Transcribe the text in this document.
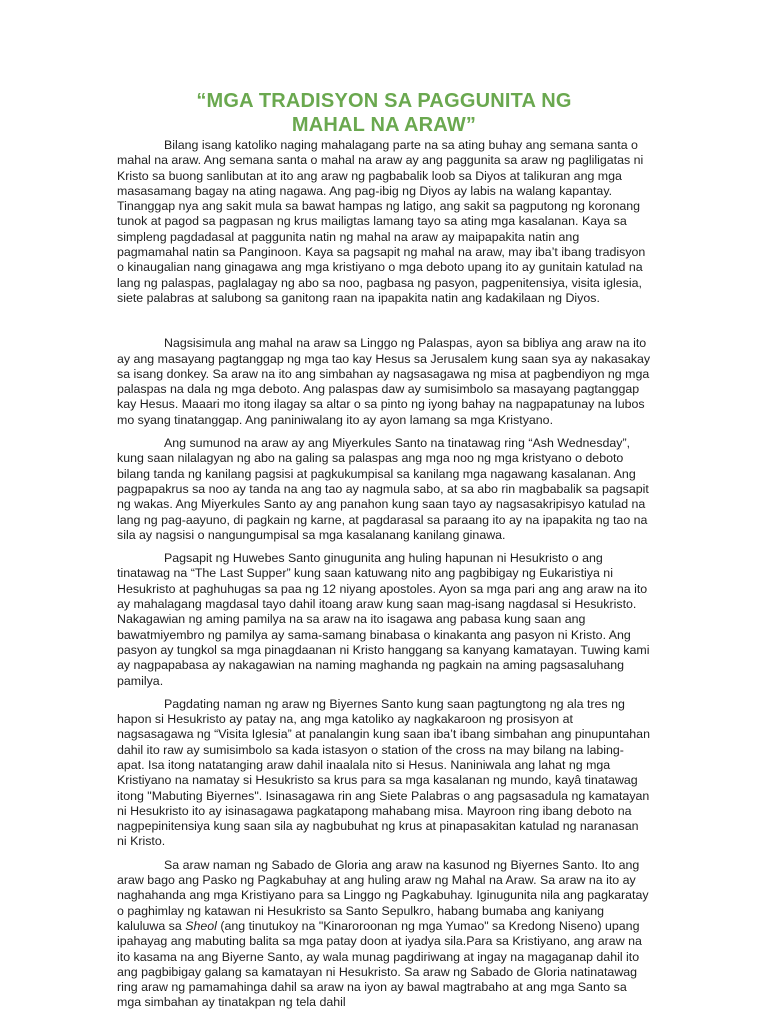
“MGA TRADISYON SA PAGGUNITA NG
MAHAL NA ARAW”

Bilang isang katoliko naging mahalagang parte na sa ating buhay ang semana santa o mahal na araw. Ang semana santa o mahal na araw ay ang paggunita sa araw ng pagliligatas ni Kristo sa buong sanlibutan at ito ang araw ng pagbabalik loob sa Diyos at talikuran ang mga masasamang bagay na ating nagawa. Ang pag-ibig ng Diyos ay labis na walang kapantay. Tinanggap nya ang sakit mula sa bawat hampas ng latigo, ang sakit sa pagputong ng koronang tunok at pagod sa pagpasan ng krus mailigtas lamang tayo sa ating mga kasalanan. Kaya sa simpleng pagdadasal at paggunita natin ng mahal na araw ay maipapakita natin ang pagmamahal natin sa Panginoon. Kaya sa pagsapit ng mahal na araw, may iba’t ibang tradisyon o kinaugalian nang ginagawa ang mga kristiyano o mga deboto upang ito ay gunitain katulad na lang ng palaspas, paglalagay ng abo sa noo, pagbasa ng pasyon, pagpenitensiya, visita iglesia, siete palabras at salubong sa ganitong raan na ipapakita natin ang kadakilaan ng Diyos.

Nagsisimula ang mahal na araw sa Linggo ng Palaspas, ayon sa bibliya ang araw na ito ay ang masayang pagtanggap ng mga tao kay Hesus sa Jerusalem kung saan sya ay nakasakay sa isang donkey. Sa araw na ito ang simbahan ay nagsasagawa ng misa at pagbendiyon ng mga palaspas na dala ng mga deboto. Ang palaspas daw ay sumisimbolo sa masayang pagtanggap kay Hesus. Maaari mo itong ilagay sa altar o sa pinto ng iyong bahay na nagpapatunay na lubos mo syang tinatanggap. Ang paniniwalang ito ay ayon lamang sa mga Kristyano.

Ang sumunod na araw ay ang Miyerkules Santo na tinatawag ring “Ash Wednesday”, kung saan nilalagyan ng abo na galing sa palaspas ang mga noo ng mga kristyano o deboto bilang tanda ng kanilang pagsisi at pagkukumpisal sa kanilang mga nagawang kasalanan. Ang pagpapakrus sa noo ay tanda na ang tao ay nagmula sabo, at sa abo rin magbabalik sa pagsapit ng wakas. Ang Miyerkules Santo ay ang panahon kung saan tayo ay nagsasakripisyo katulad na lang ng pag-aayuno, di pagkain ng karne, at pagdarasal sa paraang ito ay na ipapakita ng tao na sila ay nagsisi o nangungumpisal sa mga kasalanang kanilang ginawa.

Pagsapit ng Huwebes Santo ginugunita ang huling hapunan ni Hesukristo o ang tinatawag na “The Last Supper” kung saan katuwang nito ang pagbibigay ng Eukaristiya ni Hesukristo at paghuhugas sa paa ng 12 niyang apostoles. Ayon sa mga pari ang ang araw na ito ay mahalagang magdasal tayo dahil itoang araw kung saan mag-isang nagdasal si Hesukristo. Nakagawian ng aming pamilya na sa araw na ito isagawa ang pabasa kung saan ang bawatmiyembro ng pamilya ay sama-samang binabasa o kinakanta ang pasyon ni Kristo. Ang pasyon ay tungkol sa mga pinagdaanan ni Kristo hanggang sa kanyang kamatayan. Tuwing kami ay nagpapabasa ay nakagawian na naming maghanda ng pagkain na aming pagsasaluhang pamilya.

Pagdating naman ng araw ng Biyernes Santo kung saan pagtungtong ng ala tres ng hapon si Hesukristo ay patay na, ang mga katoliko ay nagkakaroon ng prosisyon at nagsasagawa ng “Visita Iglesia” at panalangin kung saan iba’t ibang simbahan ang pinupuntahan dahil ito raw ay sumisimbolo sa kada istasyon o station of the cross na may bilang na labing-apat. Isa itong natatanging araw dahil inaalala nito si Hesus. Naniniwala ang lahat ng mga Kristiyano na namatay si Hesukristo sa krus para sa mga kasalanan ng mundo, kayâ tinatawag itong "Mabuting Biyernes". Isinasagawa rin ang Siete Palabras o ang pagsasadula ng kamatayan ni Hesukristo ito ay isinasagawa pagkatapong mahabang misa. Mayroon ring ibang deboto na nagpepinitensiya kung saan sila ay nagbubuhat ng krus at pinapasakitan katulad ng naranasan ni Kristo.

Sa araw naman ng Sabado de Gloria ang araw na kasunod ng Biyernes Santo. Ito ang araw bago ang Pasko ng Pagkabuhay at ang huling araw ng Mahal na Araw. Sa araw na ito ay naghahanda ang mga Kristiyano para sa Linggo ng Pagkabuhay. Iginugunita nila ang pagkaratay o paghimlay ng katawan ni Hesukristo sa Santo Sepulkro, habang bumaba ang kaniyang kaluluwa sa Sheol (ang tinutukoy na "Kinaroroonan ng mga Yumao" sa Kredong Niseno) upang ipahayag ang mabuting balita sa mga patay doon at iyadya sila.Para sa Kristiyano, ang araw na ito kasama na ang Biyerne Santo, ay wala munag pagdiriwang at ingay na magaganap dahil ito ang pagbibigay galang sa kamatayan ni Hesukristo. Sa araw ng Sabado de Gloria natinatawag ring araw ng pamamahinga dahil sa araw na iyon ay bawal magtrabaho at ang mga Santo sa mga simbahan ay tinatakpan ng tela dahil
